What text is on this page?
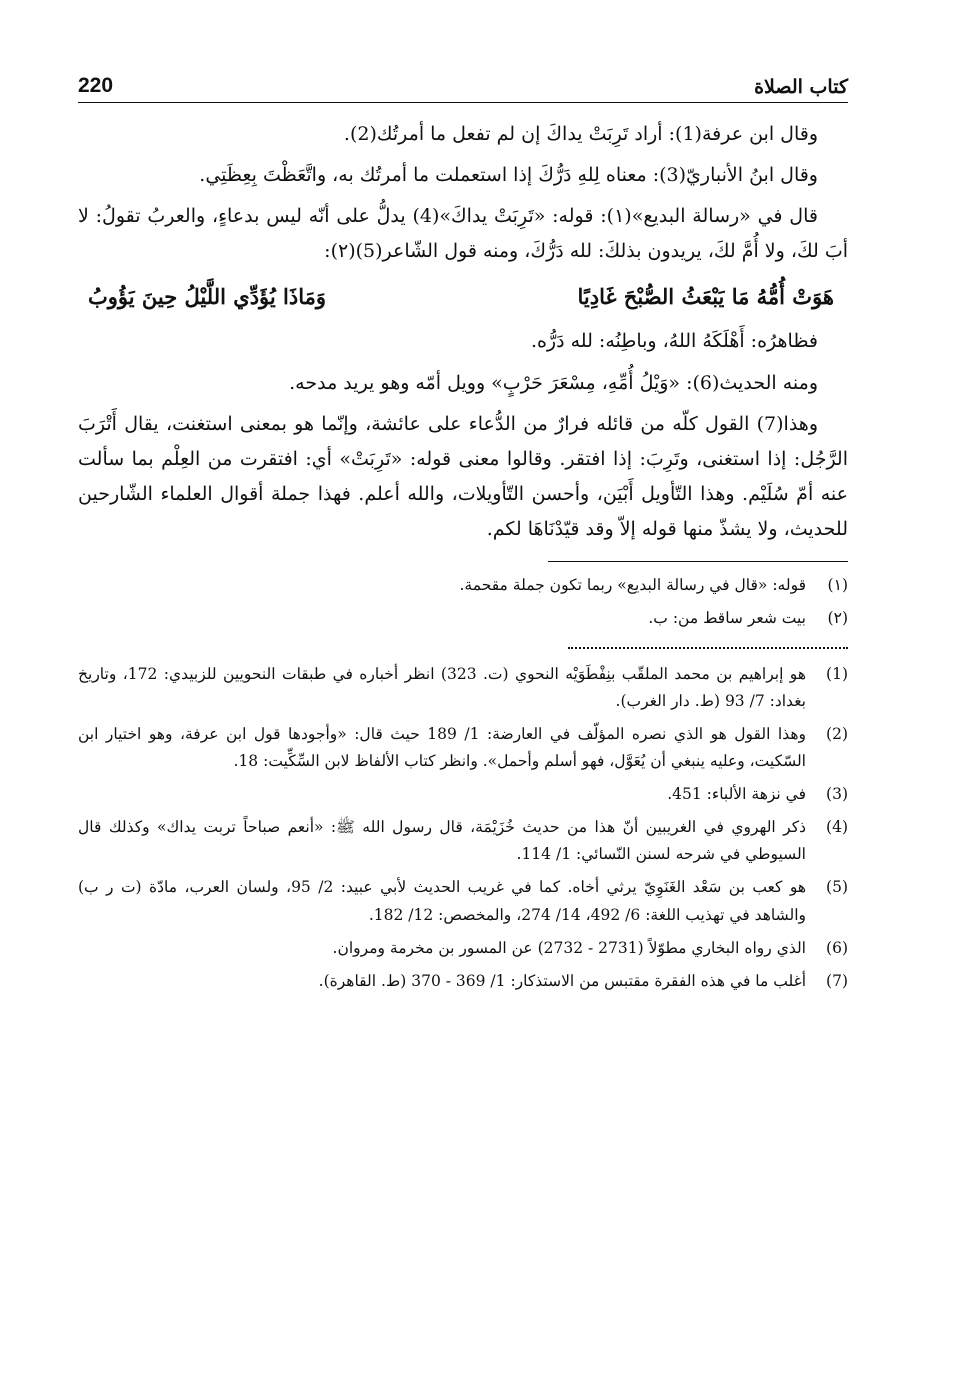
كتاب الصلاة
220

وقال ابن عرفة(1): أراد تَرِبَتْ يداكَ إن لم تفعل ما أمرتُك(2).

وقال ابنُ الأنباريّ(3): معناه لِلهِ دَرُّكَ إذا استعملت ما أمرتُك به، واتَّعَظْتَ بِعِظَتِي.

قال في «رسالة البديع»(١): قوله: «تَرِبَتْ يداكَ»(4) يدلُّ على أنّه ليس بدعاءٍ، والعربُ تقولُ: لا أبَ لكَ، ولا أُمَّ لكَ، يريدون بذلكَ: لله دَرُّكَ، ومنه قول الشّاعر(5)(٢):

هَوَتْ أُمُّهُ مَا يَبْعَثُ الصُّبْحَ غَادِيًا
وَمَاذَا يُؤَدِّي اللَّيْلُ حِينَ يَؤُوبُ

فظاهرُه: أَهْلَكَهُ اللهُ، وباطِنُه: لله دَرُّه.

ومنه الحديث(6): «وَيْلُ أُمِّهِ، مِسْعَرَ حَرْبٍ» وويل أمّه وهو يريد مدحه.

وهذا(7) القول كلّه من قائله فرارٌ من الدُّعاء على عائشة، وإنّما هو بمعنى استغنت، يقال أَتْرَبَ الرَّجُل: إذا استغنى، وتَرِبَ: إذا افتقر. وقالوا معنى قوله: «تَرِبَتْ» أي: افتقرت من العِلْم بما سألت عنه أمّ سُلَيْم. وهذا التّأويل أَبْيَن، وأحسن التّأويلات، والله أعلم. فهذا جملة أقوال العلماء الشّارحين للحديث، ولا يشذّ منها قوله إلاّ وقد قيّدْنَاهَا لكم.

(١)
قوله: «قال في رسالة البديع» ربما تكون جملة مقحمة.
(٢)
بيت شعر ساقط من: ب.
(1)
هو إبراهيم بن محمد الملقّب بنِفْطَوَيْه النحوي (ت. 323) انظر أخباره في طبقات النحويين للزبيدي: 172، وتاريخ بغداد: 7/ 93 (ط. دار الغرب).
(2)
وهذا القول هو الذي نصره المؤلّف في العارضة: 1/ 189 حيث قال: «وأجودها قول ابن عرفة، وهو اختيار ابن السّكيت، وعليه ينبغي أن يُعَوَّل، فهو أسلم وأحمل». وانظر كتاب الألفاظ لابن السِّكِّيت: 18.
(3)
في نزهة الألباء: 451.
(4)
ذكر الهروي في الغريبين أنّ هذا من حديث خُزَيْمَة، قال رسول الله ﷺ: «أنعم صباحاً تربت يداك» وكذلك قال السيوطي في شرحه لسنن النّسائي: 1/ 114.
(5)
هو كعب بن سَعْد الغَنَوِيّ يرثي أخاه. كما في غريب الحديث لأبي عبيد: 2/ 95، ولسان العرب، مادّة (ت ر ب) والشاهد في تهذيب اللغة: 6/ 492، 14/ 274، والمخصص: 12/ 182.
(6)
الذي رواه البخاري مطوّلاً (2731 - 2732) عن المسور بن مخرمة ومروان.
(7)
أغلب ما في هذه الفقرة مقتبس من الاستذكار: 1/ 369 - 370 (ط. القاهرة).
